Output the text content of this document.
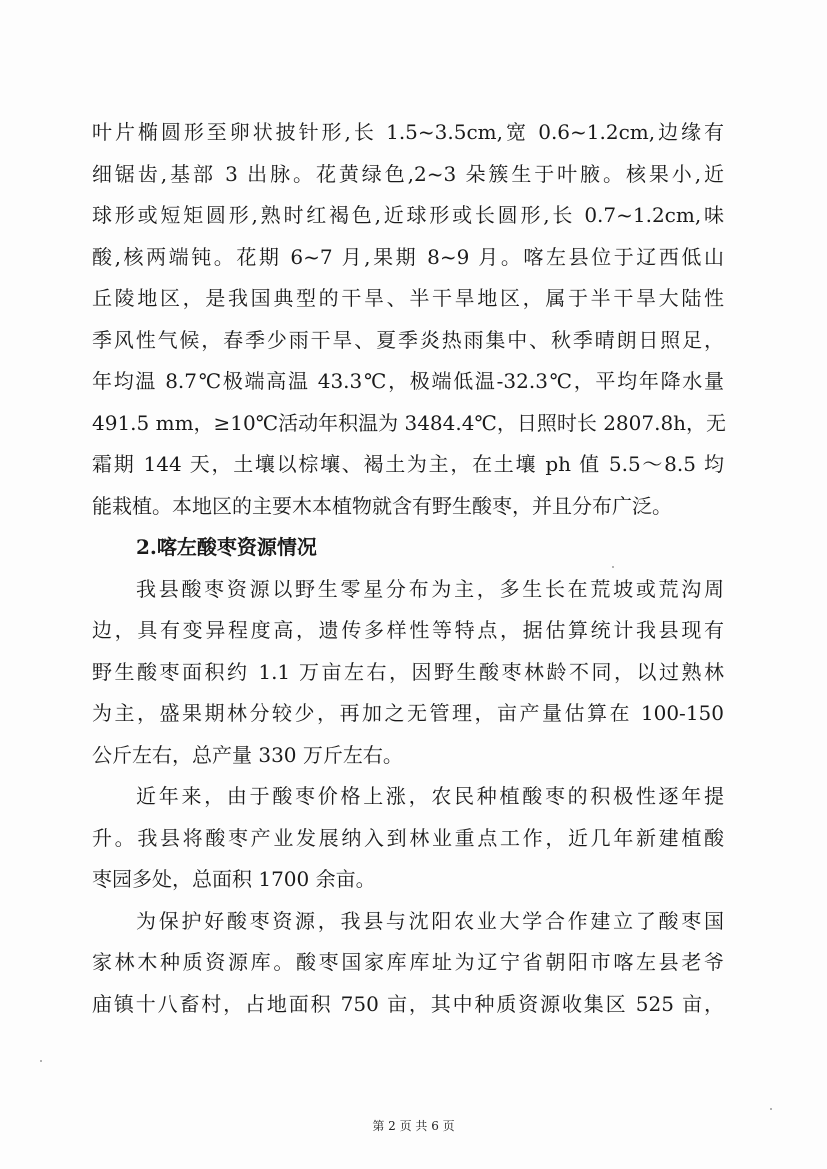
叶片椭圆形至卵状披针形,长 1.5~3.5cm,宽 0.6~1.2cm,边缘有
细锯齿,基部 3 出脉。花黄绿色,2~3 朵簇生于叶腋。核果小,近
球形或短矩圆形,熟时红褐色,近球形或长圆形,长 0.7~1.2cm,味
酸,核两端钝。花期 6~7 月,果期 8~9 月。喀左县位于辽西低山
丘陵地区，是我国典型的干旱、半干旱地区，属于半干旱大陆性
季风性气候，春季少雨干旱、夏季炎热雨集中、秋季晴朗日照足，
年均温 8.7℃极端高温 43.3℃，极端低温-32.3℃，平均年降水量
491.5 mm，≥10℃活动年积温为 3484.4℃，日照时长 2807.8h，无
霜期 144 天，土壤以棕壤、褐土为主，在土壤 ph 值 5.5～8.5 均
能栽植。本地区的主要木本植物就含有野生酸枣，并且分布广泛。
2.喀左酸枣资源情况
我县酸枣资源以野生零星分布为主，多生长在荒坡或荒沟周
边，具有变异程度高，遗传多样性等特点，据估算统计我县现有
野生酸枣面积约 1.1 万亩左右，因野生酸枣林龄不同，以过熟林
为主，盛果期林分较少，再加之无管理，亩产量估算在 100-150
公斤左右，总产量 330 万斤左右。
近年来，由于酸枣价格上涨，农民种植酸枣的积极性逐年提
升。我县将酸枣产业发展纳入到林业重点工作，近几年新建植酸
枣园多处，总面积 1700 余亩。
为保护好酸枣资源，我县与沈阳农业大学合作建立了酸枣国
家林木种质资源库。酸枣国家库库址为辽宁省朝阳市喀左县老爷
庙镇十八畜村，占地面积 750 亩，其中种质资源收集区 525 亩，
第 2 页 共 6 页
